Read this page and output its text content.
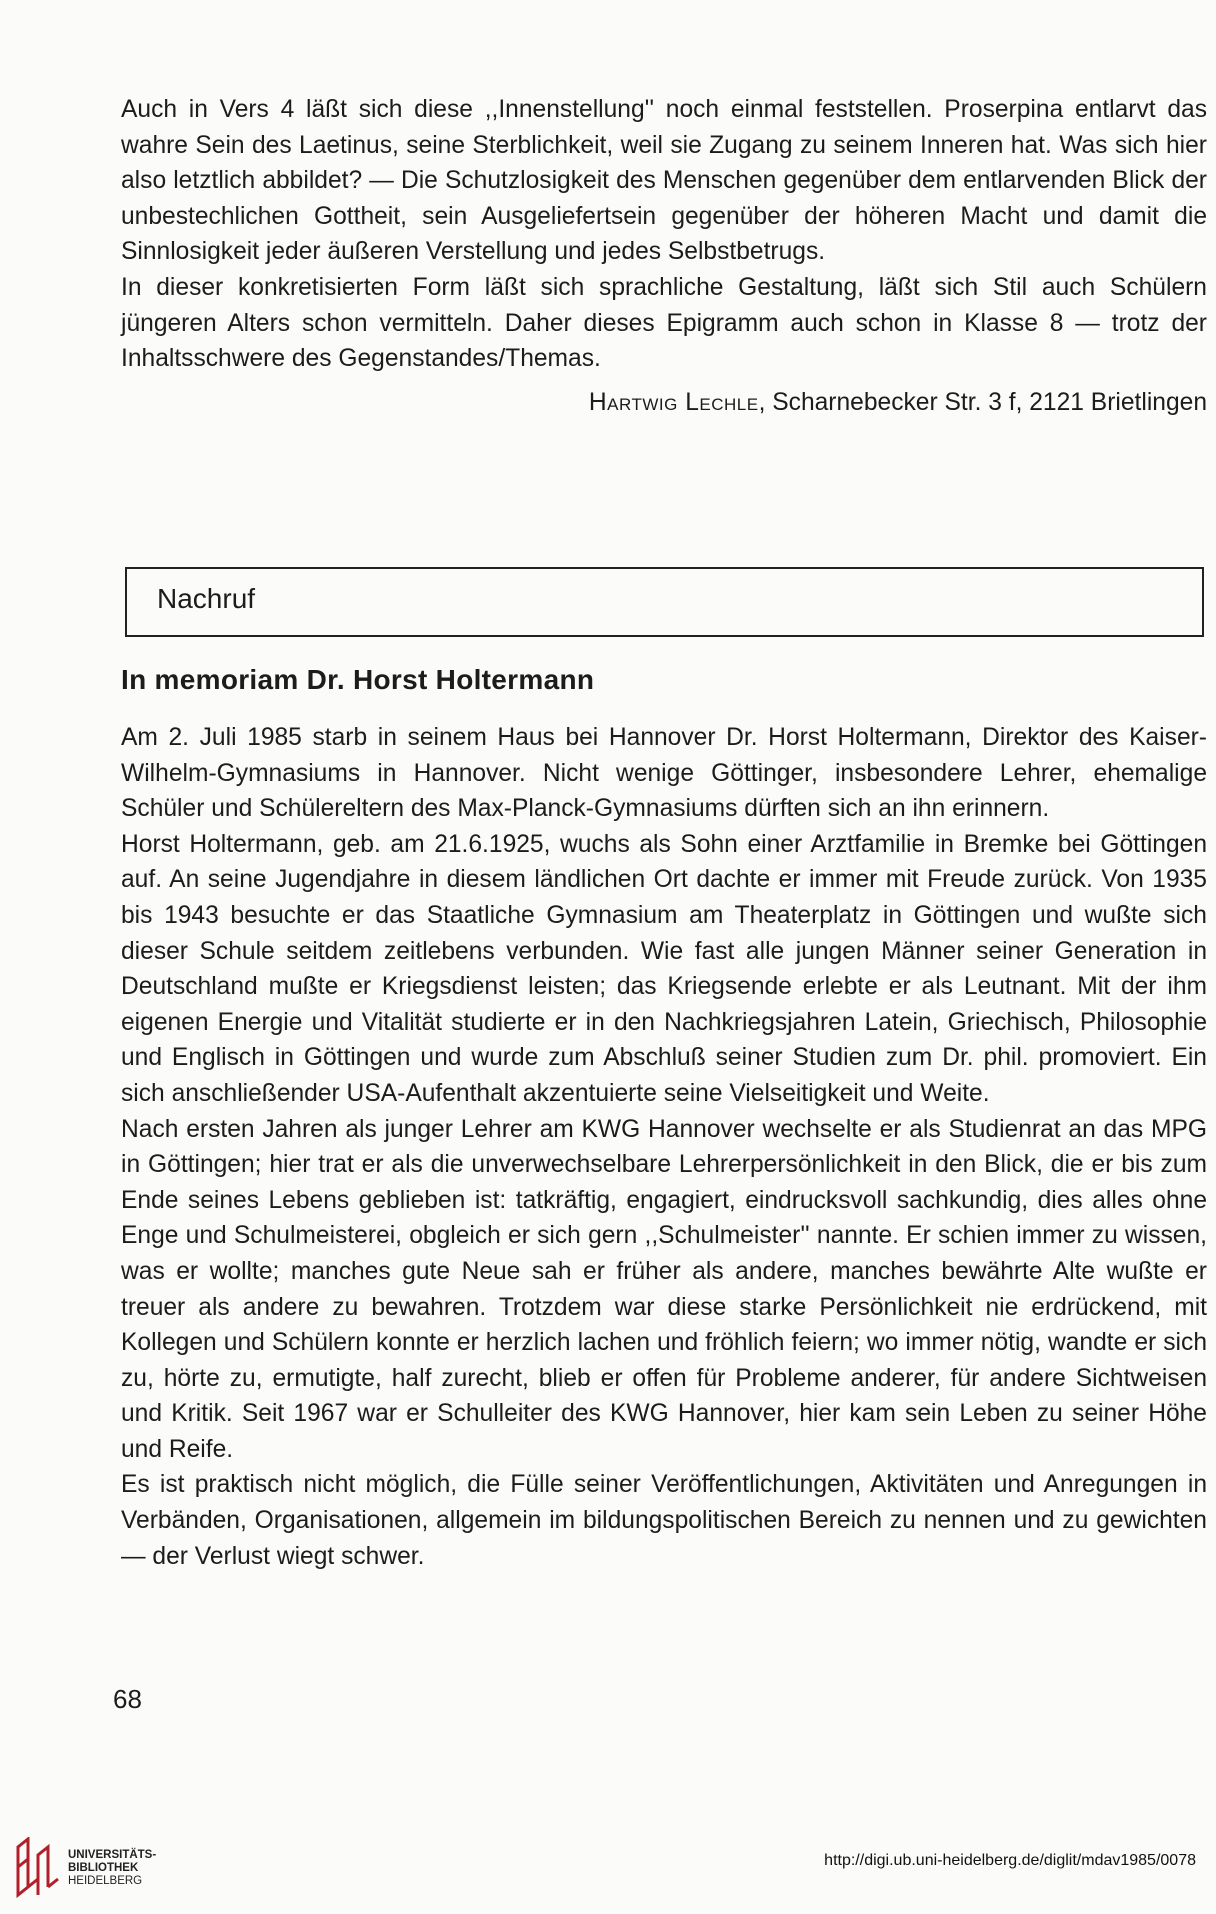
Auch in Vers 4 läßt sich diese ,,Innenstellung'' noch einmal feststellen. Proserpina entlarvt das wahre Sein des Laetinus, seine Sterblichkeit, weil sie Zugang zu seinem Inneren hat. Was sich hier also letztlich abbildet? — Die Schutzlosigkeit des Menschen gegenüber dem entlarvenden Blick der unbestechlichen Gottheit, sein Ausgeliefertsein gegenüber der höheren Macht und damit die Sinnlosigkeit jeder äußeren Verstellung und jedes Selbstbetrugs.

In dieser konkretisierten Form läßt sich sprachliche Gestaltung, läßt sich Stil auch Schülern jüngeren Alters schon vermitteln. Daher dieses Epigramm auch schon in Klasse 8 — trotz der Inhaltsschwere des Gegenstandes/Themas.

Hartwig Lechle, Scharnebecker Str. 3 f, 2121 Brietlingen

Nachruf
In memoriam Dr. Horst Holtermann

Am 2. Juli 1985 starb in seinem Haus bei Hannover Dr. Horst Holtermann, Direktor des Kaiser-Wilhelm-Gymnasiums in Hannover. Nicht wenige Göttinger, insbesondere Lehrer, ehemalige Schüler und Schülereltern des Max-Planck-Gymnasiums dürften sich an ihn erinnern.

Horst Holtermann, geb. am 21.6.1925, wuchs als Sohn einer Arztfamilie in Bremke bei Göttingen auf. An seine Jugendjahre in diesem ländlichen Ort dachte er immer mit Freude zurück. Von 1935 bis 1943 besuchte er das Staatliche Gymnasium am Theaterplatz in Göttingen und wußte sich dieser Schule seitdem zeitlebens verbunden. Wie fast alle jungen Männer seiner Generation in Deutschland mußte er Kriegsdienst leisten; das Kriegsende erlebte er als Leutnant. Mit der ihm eigenen Energie und Vitalität studierte er in den Nachkriegsjahren Latein, Griechisch, Philosophie und Englisch in Göttingen und wurde zum Abschluß seiner Studien zum Dr. phil. promoviert. Ein sich anschließender USA-Aufenthalt akzentuierte seine Vielseitigkeit und Weite.

Nach ersten Jahren als junger Lehrer am KWG Hannover wechselte er als Studienrat an das MPG in Göttingen; hier trat er als die unverwechselbare Lehrerpersönlichkeit in den Blick, die er bis zum Ende seines Lebens geblieben ist: tatkräftig, engagiert, eindrucksvoll sachkundig, dies alles ohne Enge und Schulmeisterei, obgleich er sich gern ,,Schulmeister'' nannte. Er schien immer zu wissen, was er wollte; manches gute Neue sah er früher als andere, manches bewährte Alte wußte er treuer als andere zu bewahren. Trotzdem war diese starke Persönlichkeit nie erdrückend, mit Kollegen und Schülern konnte er herzlich lachen und fröhlich feiern; wo immer nötig, wandte er sich zu, hörte zu, ermutigte, half zurecht, blieb er offen für Probleme anderer, für andere Sichtweisen und Kritik. Seit 1967 war er Schulleiter des KWG Hannover, hier kam sein Leben zu seiner Höhe und Reife.

Es ist praktisch nicht möglich, die Fülle seiner Veröffentlichungen, Aktivitäten und Anregungen in Verbänden, Organisationen, allgemein im bildungspolitischen Bereich zu nennen und zu gewichten — der Verlust wiegt schwer.

68
UNIVERSITÄTS-
BIBLIOTHEK
HEIDELBERG
http://digi.ub.uni-heidelberg.de/diglit/mdav1985/0078
